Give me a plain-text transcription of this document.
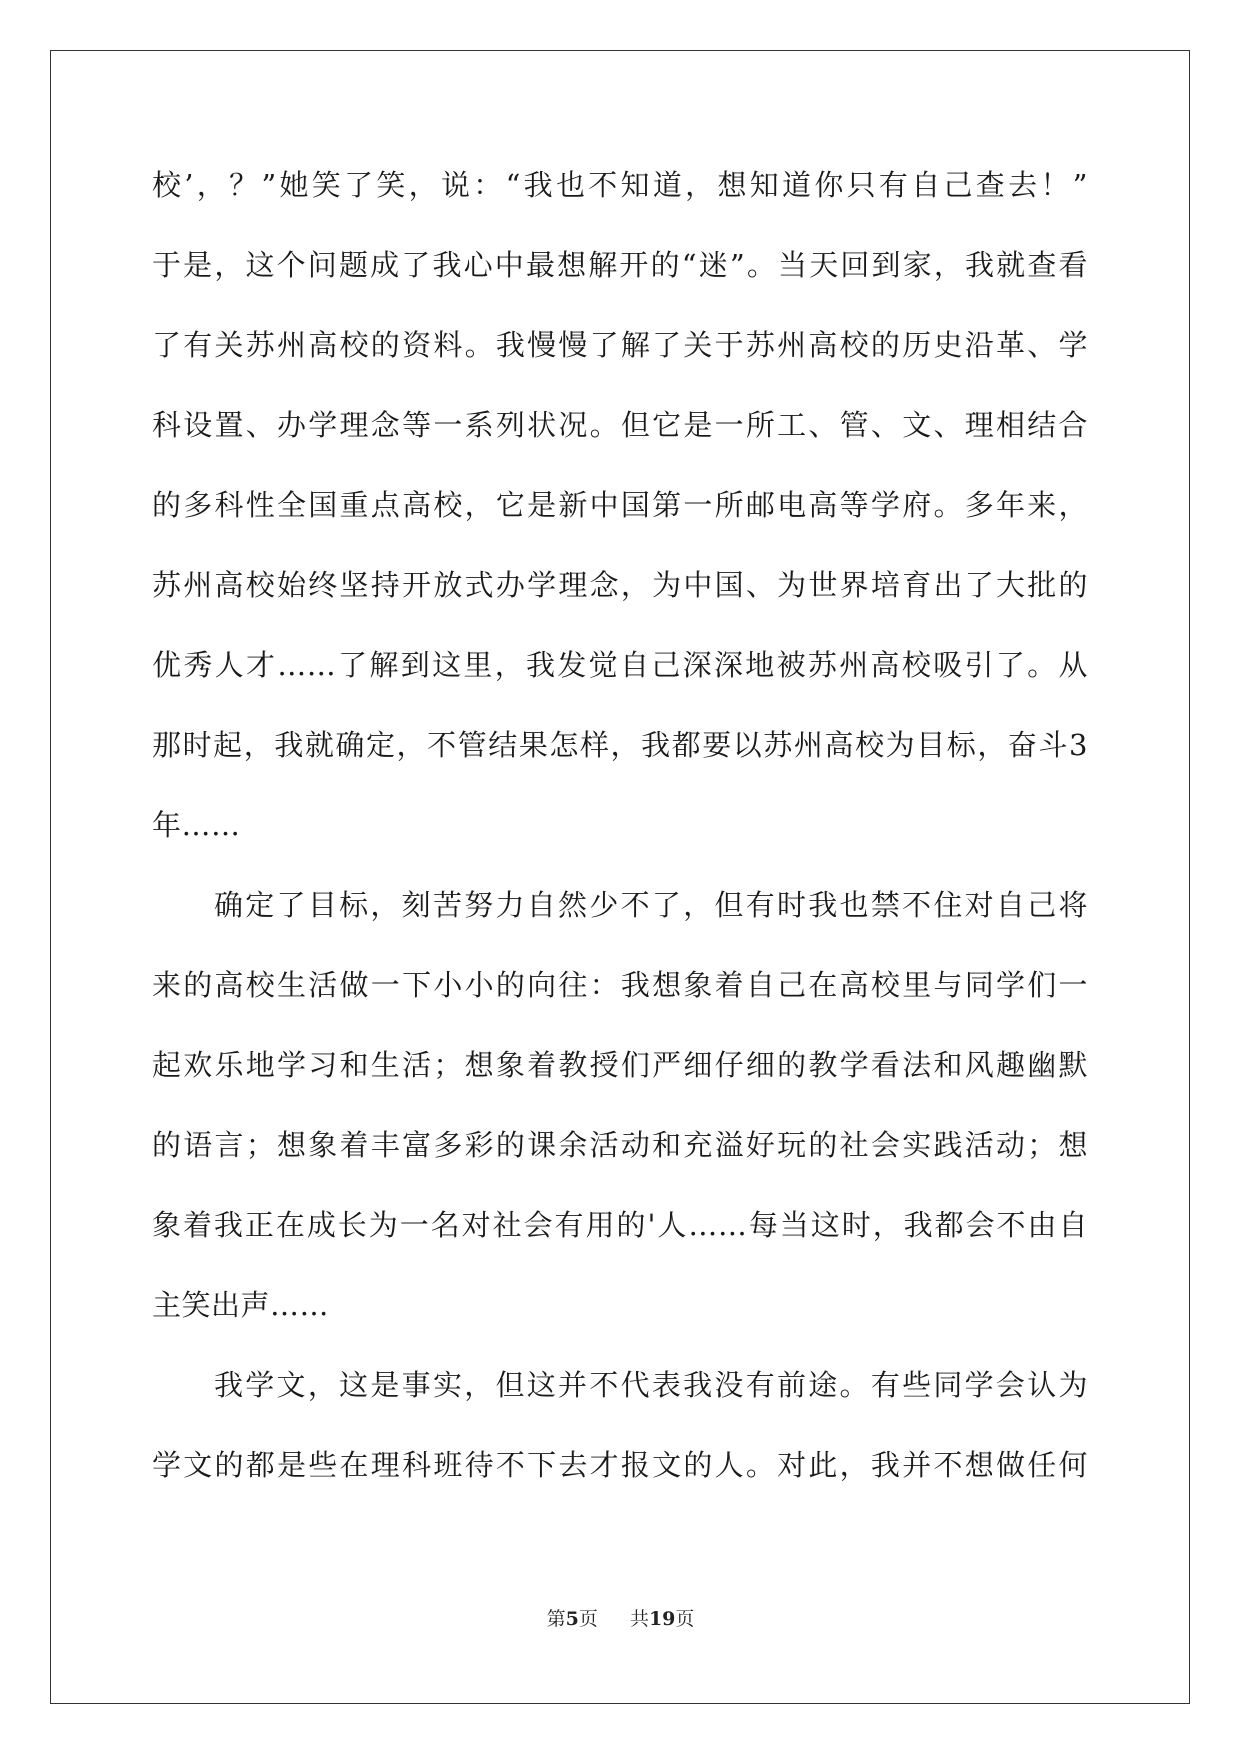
校’，？”她笑了笑，说：“我也不知道，想知道你只有自己查去！”

于是，这个问题成了我心中最想解开的“迷”。当天回到家，我就查看

了有关苏州高校的资料。我慢慢了解了关于苏州高校的历史沿革、学

科设置、办学理念等一系列状况。但它是一所工、管、文、理相结合

的多科性全国重点高校，它是新中国第一所邮电高等学府。多年来，

苏州高校始终坚持开放式办学理念，为中国、为世界培育出了大批的

优秀人才……了解到这里，我发觉自己深深地被苏州高校吸引了。从

那时起，我就确定，不管结果怎样，我都要以苏州高校为目标，奋斗3

年……

确定了目标，刻苦努力自然少不了，但有时我也禁不住对自己将

来的高校生活做一下小小的向往：我想象着自己在高校里与同学们一

起欢乐地学习和生活；想象着教授们严细仔细的教学看法和风趣幽默

的语言；想象着丰富多彩的课余活动和充溢好玩的社会实践活动；想

象着我正在成长为一名对社会有用的'人……每当这时，我都会不由自

主笑出声……

我学文，这是事实，但这并不代表我没有前途。有些同学会认为

学文的都是些在理科班待不下去才报文的人。对此，我并不想做任何

第5页 共19页
